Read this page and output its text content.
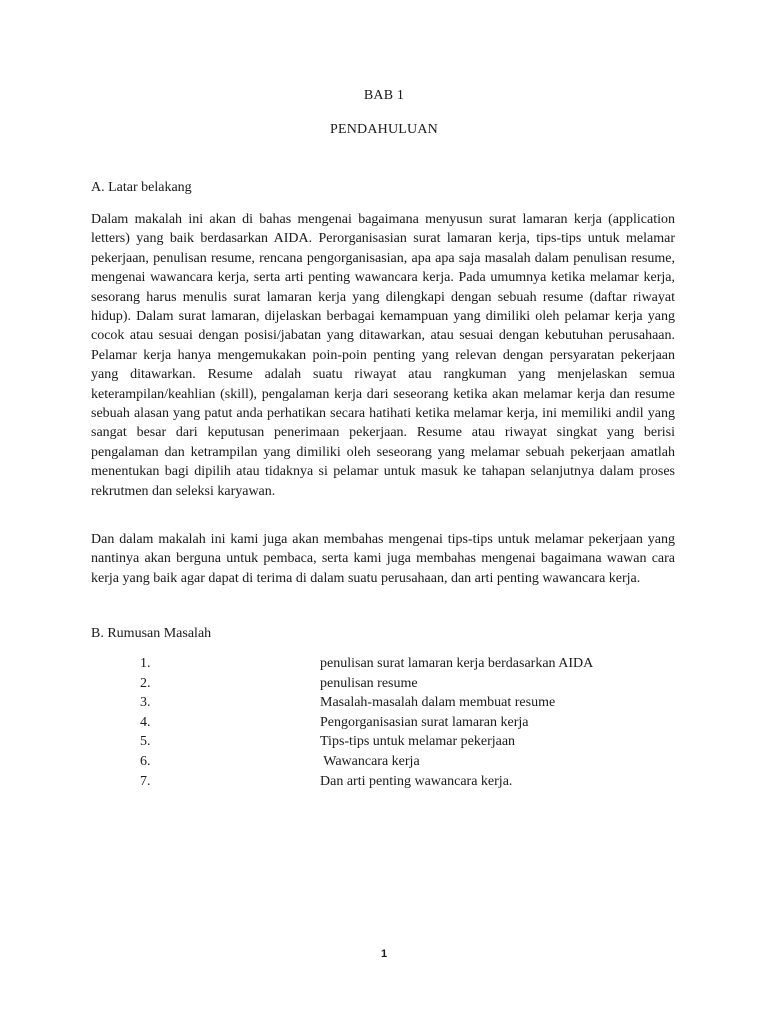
BAB 1
PENDAHULUAN
A. Latar belakang

Dalam makalah ini akan di bahas mengenai bagaimana menyusun surat lamaran kerja (application letters) yang baik berdasarkan AIDA. Perorganisasian surat lamaran kerja, tips-tips untuk melamar pekerjaan, penulisan resume, rencana pengorganisasian, apa apa saja masalah dalam penulisan resume, mengenai wawancara kerja, serta arti penting wawancara kerja. Pada umumnya ketika melamar kerja, sesorang harus menulis surat lamaran kerja yang dilengkapi dengan sebuah resume (daftar riwayat hidup). Dalam surat lamaran, dijelaskan berbagai kemampuan yang dimiliki oleh pelamar kerja yang cocok atau sesuai dengan posisi/jabatan yang ditawarkan, atau sesuai dengan kebutuhan perusahaan. Pelamar kerja hanya mengemukakan poin-poin penting yang relevan dengan persyaratan pekerjaan yang ditawarkan. Resume adalah suatu riwayat atau rangkuman yang menjelaskan semua keterampilan/keahlian (skill), pengalaman kerja dari seseorang ketika akan melamar kerja dan resume sebuah alasan yang patut anda perhatikan secara hatihati ketika melamar kerja, ini memiliki andil yang sangat besar dari keputusan penerimaan pekerjaan. Resume atau riwayat singkat yang berisi pengalaman dan ketrampilan yang dimiliki oleh seseorang yang melamar sebuah pekerjaan amatlah menentukan bagi dipilih atau tidaknya si pelamar untuk masuk ke tahapan selanjutnya dalam proses rekrutmen dan seleksi karyawan.

Dan dalam makalah ini kami juga akan membahas mengenai tips-tips untuk melamar pekerjaan yang nantinya akan berguna untuk pembaca, serta kami juga membahas mengenai bagaimana wawan cara kerja yang baik agar dapat di terima di dalam suatu perusahaan, dan arti penting wawancara kerja.

B. Rumusan Masalah
1.	penulisan surat lamaran kerja berdasarkan AIDA
2.	penulisan resume
3.	Masalah-masalah dalam membuat resume
4.	Pengorganisasian surat lamaran kerja
5.	Tips-tips untuk melamar pekerjaan
6.	Wawancara kerja
7.	Dan arti penting wawancara kerja.
1
